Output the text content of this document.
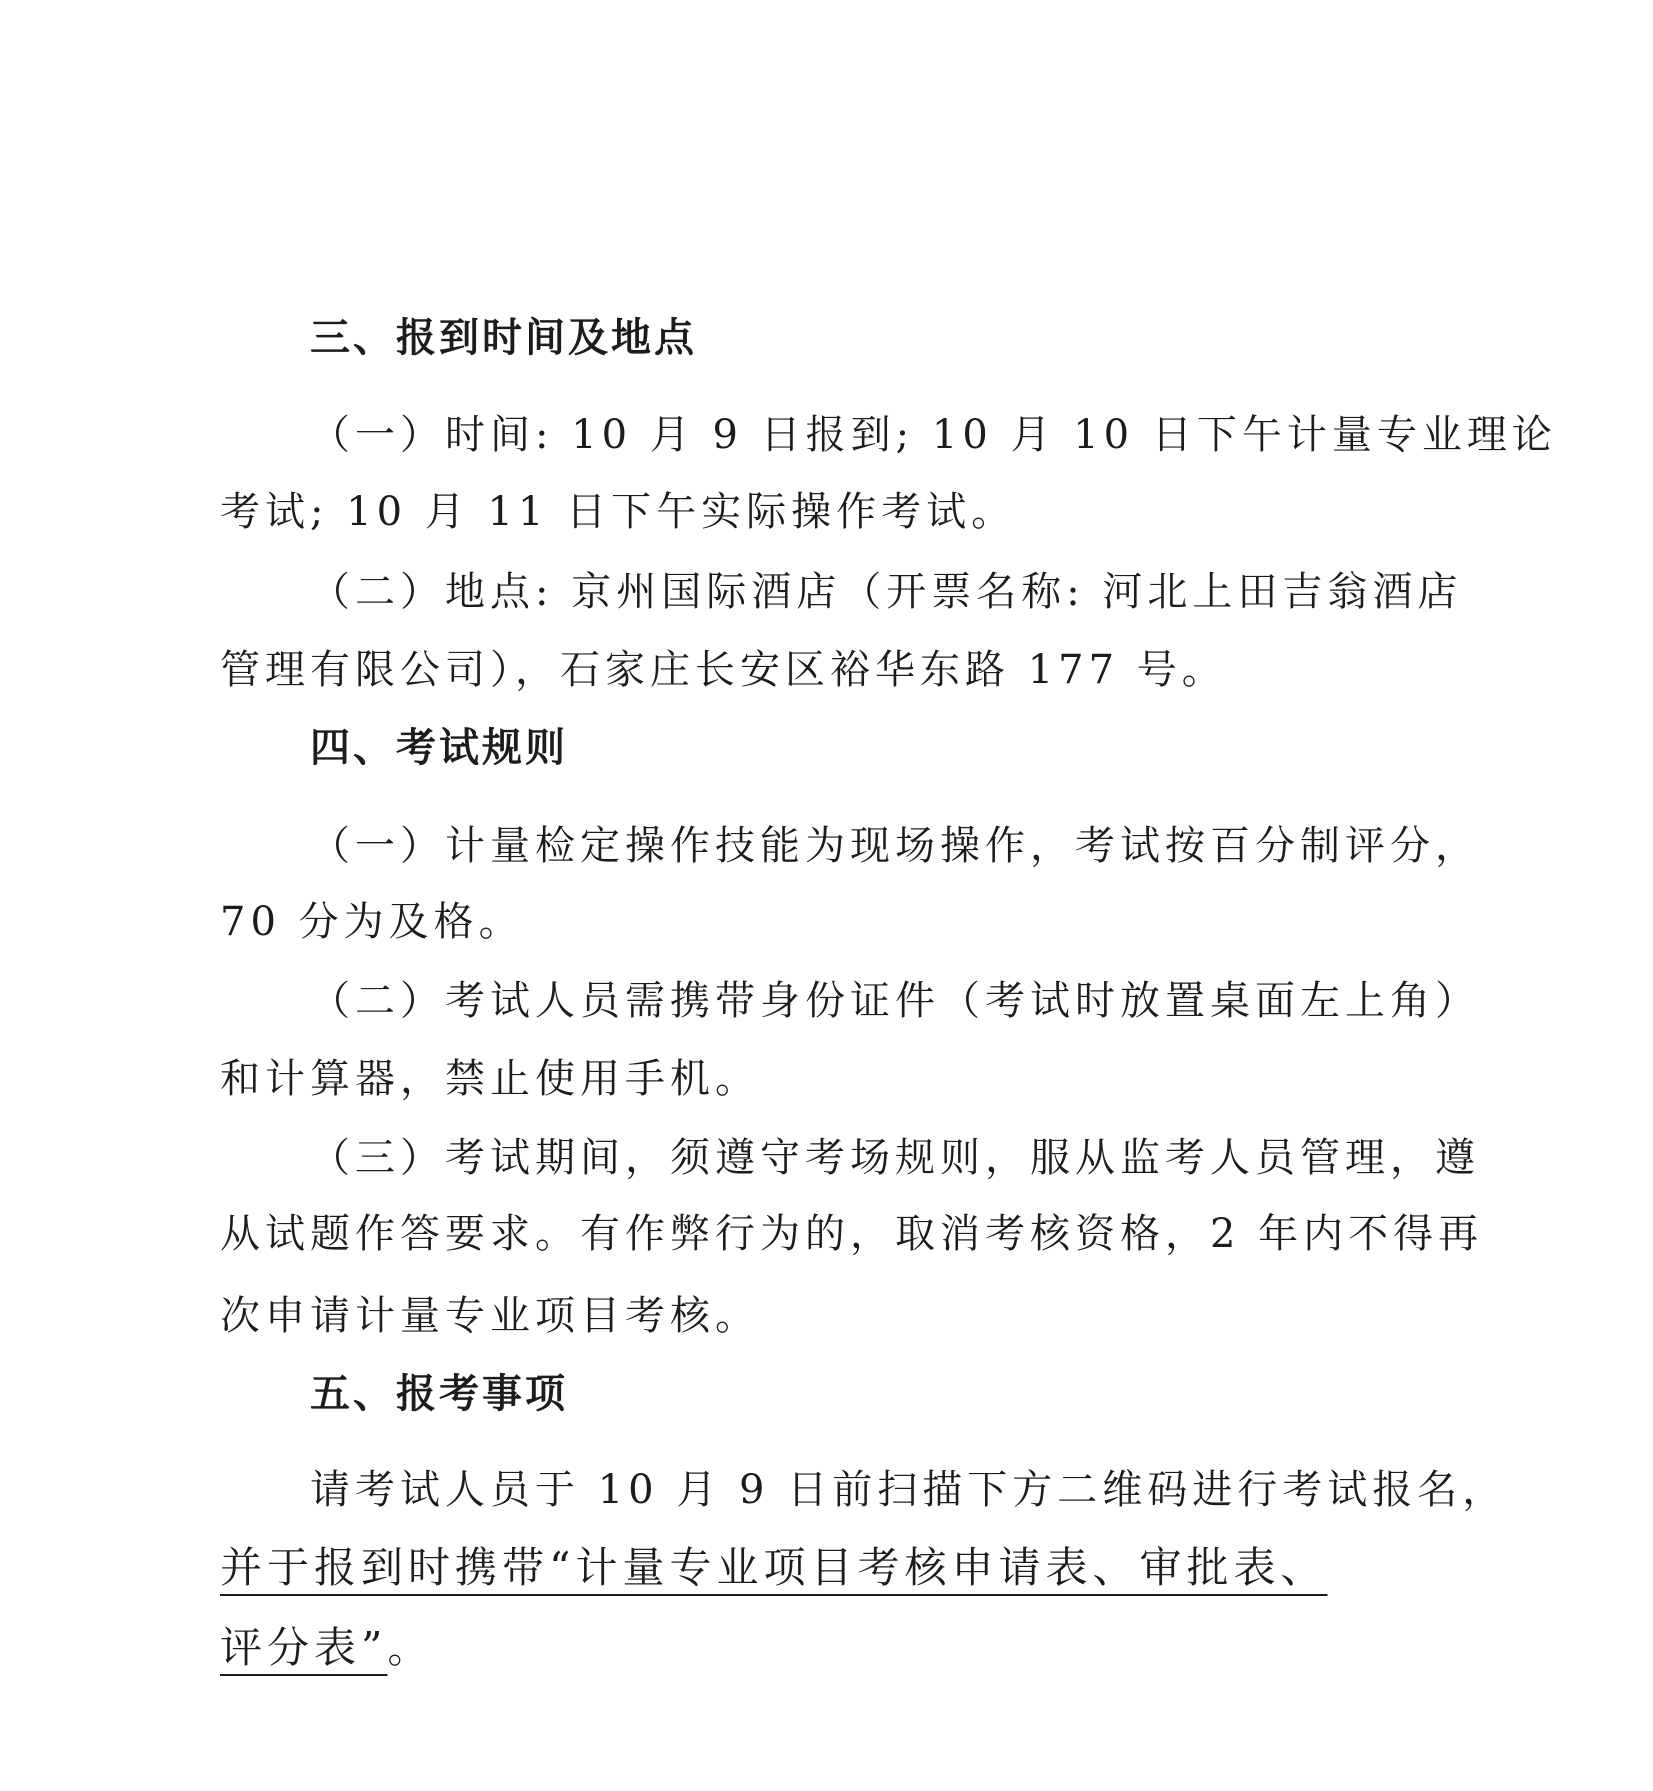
三、报到时间及地点
（一）时间: 10 月 9 日报到; 10 月 10 日下午计量专业理论
考试; 10 月 11 日下午实际操作考试。
（二）地点: 京州国际酒店（开票名称: 河北上田吉翁酒店
管理有限公司），石家庄长安区裕华东路 177 号。
四、考试规则
（一）计量检定操作技能为现场操作，考试按百分制评分，
70 分为及格。
（二）考试人员需携带身份证件（考试时放置桌面左上角）
和计算器，禁止使用手机。
（三）考试期间，须遵守考场规则，服从监考人员管理，遵
从试题作答要求。有作弊行为的，取消考核资格，2 年内不得再
次申请计量专业项目考核。
五、报考事项
请考试人员于 10 月 9 日前扫描下方二维码进行考试报名，
并于报到时携带“计量专业项目考核申请表、审批表、
评分表”。
